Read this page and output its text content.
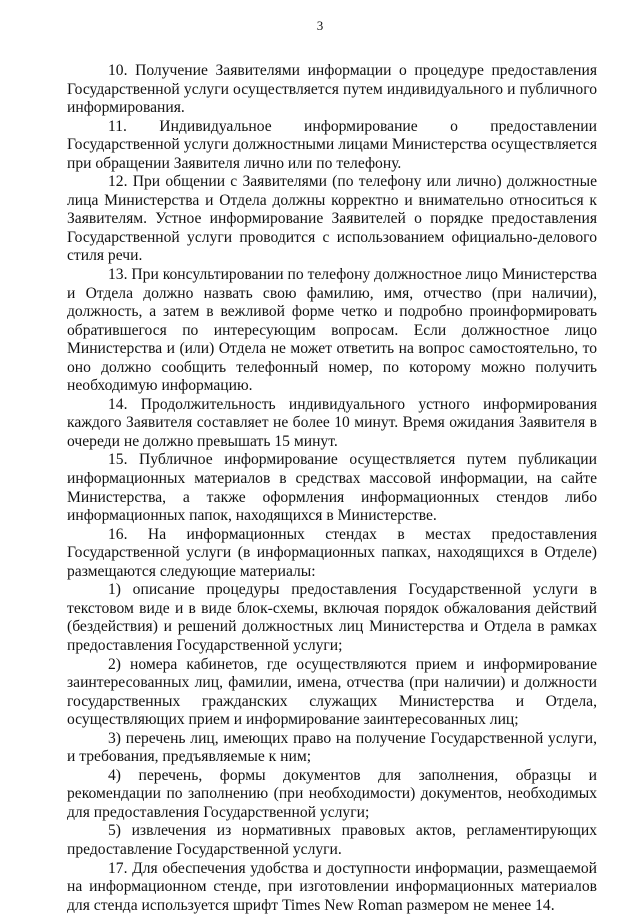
3

10. Получение Заявителями информации о процедуре предоставления Государственной услуги осуществляется путем индивидуального и публичного информирования.

11. Индивидуальное информирование о предоставлении Государственной услуги должностными лицами Министерства осуществляется при обращении Заявителя лично или по телефону.

12. При общении с Заявителями (по телефону или лично) должностные лица Министерства и Отдела должны корректно и внимательно относиться к Заявителям. Устное информирование Заявителей о порядке предоставления Государственной услуги проводится с использованием официально-делового стиля речи.

13. При консультировании по телефону должностное лицо Министерства и Отдела должно назвать свою фамилию, имя, отчество (при наличии), должность, а затем в вежливой форме четко и подробно проинформировать обратившегося по интересующим вопросам. Если должностное лицо Министерства и (или) Отдела не может ответить на вопрос самостоятельно, то оно должно сообщить телефонный номер, по которому можно получить необходимую информацию.

14. Продолжительность индивидуального устного информирования каждого Заявителя составляет не более 10 минут. Время ожидания Заявителя в очереди не должно превышать 15 минут.

15. Публичное информирование осуществляется путем публикации информационных материалов в средствах массовой информации, на сайте Министерства, а также оформления информационных стендов либо информационных папок, находящихся в Министерстве.

16. На информационных стендах в местах предоставления Государственной услуги (в информационных папках, находящихся в Отделе) размещаются следующие материалы:

1) описание процедуры предоставления Государственной услуги в текстовом виде и в виде блок-схемы, включая порядок обжалования действий (бездействия) и решений должностных лиц Министерства и Отдела в рамках предоставления Государственной услуги;

2) номера кабинетов, где осуществляются прием и информирование заинтересованных лиц, фамилии, имена, отчества (при наличии) и должности государственных гражданских служащих Министерства и Отдела, осуществляющих прием и информирование заинтересованных лиц;

3) перечень лиц, имеющих право на получение Государственной услуги, и требования, предъявляемые к ним;

4) перечень, формы документов для заполнения, образцы и рекомендации по заполнению (при необходимости) документов, необходимых для предоставления Государственной услуги;

5) извлечения из нормативных правовых актов, регламентирующих предоставление Государственной услуги.

17. Для обеспечения удобства и доступности информации, размещаемой на информационном стенде, при изготовлении информационных материалов для стенда используется шрифт Times New Roman размером не менее 14.
